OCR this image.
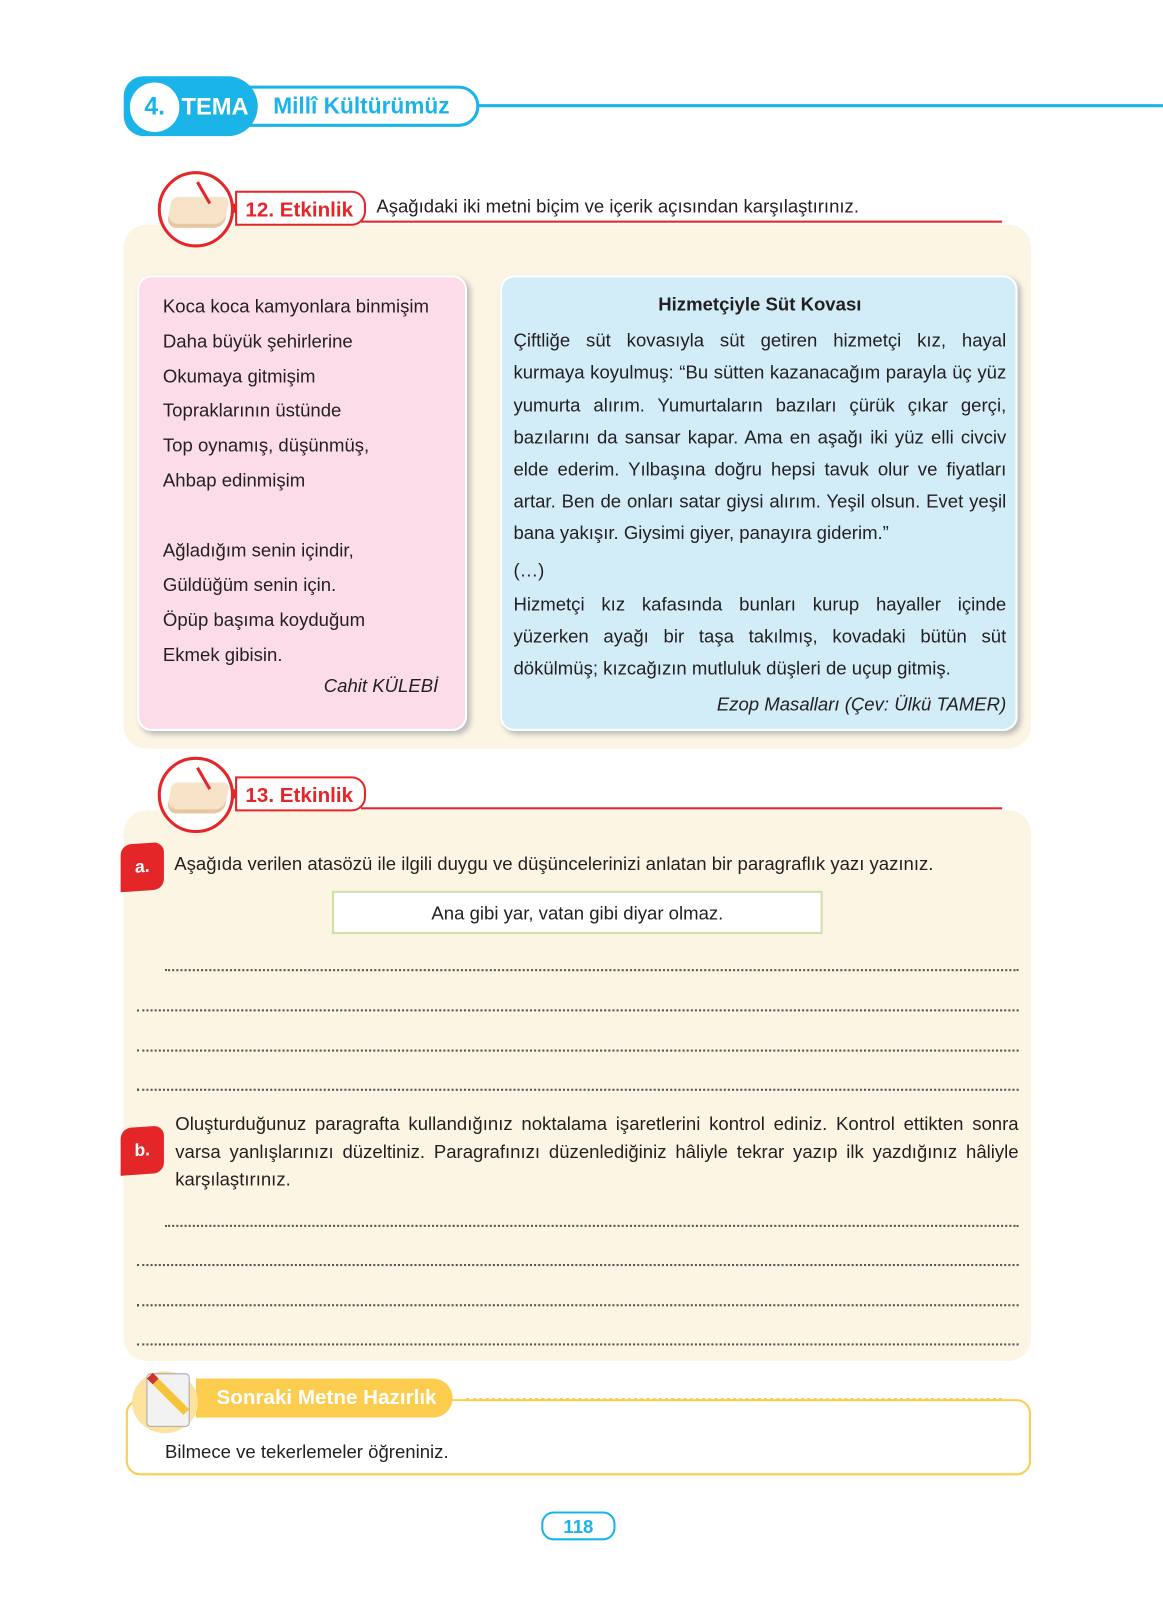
4. TEMA Millî Kültürümüz
12. Etkinlik	Aşağıdaki iki metni biçim ve içerik açısından karşılaştırınız.
Koca koca kamyonlara binmişim
Daha büyük şehirlerine
Okumaya gitmişim
Topraklarının üstünde
Top oynamış, düşünmüş,
Ahbap edinmişim
Ağladığım senin içindir,
Güldüğüm senin için.
Öpüp başıma koyduğum
Ekmek gibisin.
Cahit KÜLEBİ
Hizmetçiyle Süt Kovası

Çiftliğe süt kovasıyla süt getiren hizmetçi kız, hayal kurmaya koyulmuş: “Bu sütten kazanacağım parayla üç yüz yumurta alırım. Yumurtaların bazıları çürük çıkar gerçi, bazılarını da sansar kapar. Ama en aşağı iki yüz elli civciv elde ederim. Yılbaşına doğru hepsi tavuk olur ve fiyatları artar. Ben de onları satar giysi alırım. Yeşil olsun. Evet yeşil bana yakışır. Giysimi giyer, panayıra giderim.”

(…)

Hizmetçi kız kafasında bunları kurup hayaller içinde yüzerken ayağı bir taşa takılmış, kovadaki bütün süt dökülmüş; kızcağızın mutluluk düşleri de uçup gitmiş.

Ezop Masalları (Çev: Ülkü TAMER)
13. Etkinlik
a.	Aşağıda verilen atasözü ile ilgili duygu ve düşüncelerinizi anlatan bir paragraflık yazı yazınız.
Ana gibi yar, vatan gibi diyar olmaz.
b.
Oluşturduğunuz paragrafta kullandığınız noktalama işaretlerini kontrol ediniz. Kontrol ettikten sonra varsa yanlışlarınızı düzeltiniz. Paragrafınızı düzenlediğiniz hâliyle tekrar yazıp ilk yazdığınız hâliyle karşılaştırınız.
Sonraki Metne Hazırlık
Bilmece ve tekerlemeler öğreniniz.
118
